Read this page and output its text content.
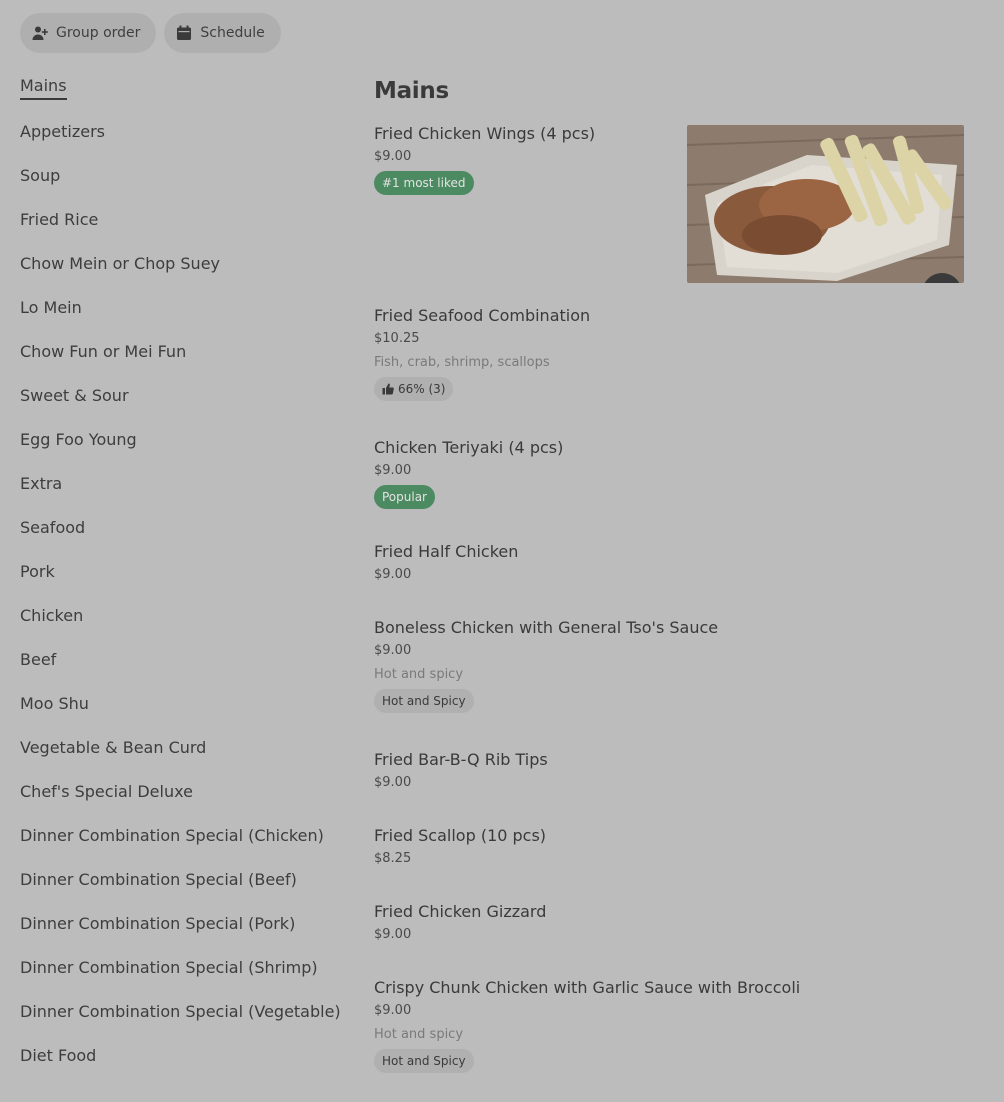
Group order	Schedule
Mains
Appetizers
Soup
Fried Rice
Chow Mein or Chop Suey
Lo Mein
Chow Fun or Mei Fun
Sweet & Sour
Egg Foo Young
Extra
Seafood
Pork
Chicken
Beef
Moo Shu
Vegetable & Bean Curd
Chef's Special Deluxe
Dinner Combination Special (Chicken)
Dinner Combination Special (Beef)
Dinner Combination Special (Pork)
Dinner Combination Special (Shrimp)
Dinner Combination Special (Vegetable)
Diet Food
Mains
Fried Chicken Wings (4 pcs)
$9.00
#1 most liked
Fried Seafood Combination
$10.25
Fish, crab, shrimp, scallops
66% (3)
Chicken Teriyaki (4 pcs)
$9.00
Popular
Fried Half Chicken
$9.00
Boneless Chicken with General Tso's Sauce
$9.00
Hot and spicy
Hot and Spicy
Fried Bar-B-Q Rib Tips
$9.00
Fried Scallop (10 pcs)
$8.25
Fried Chicken Gizzard
$9.00
Crispy Chunk Chicken with Garlic Sauce with Broccoli
$9.00
Hot and spicy
Hot and Spicy
